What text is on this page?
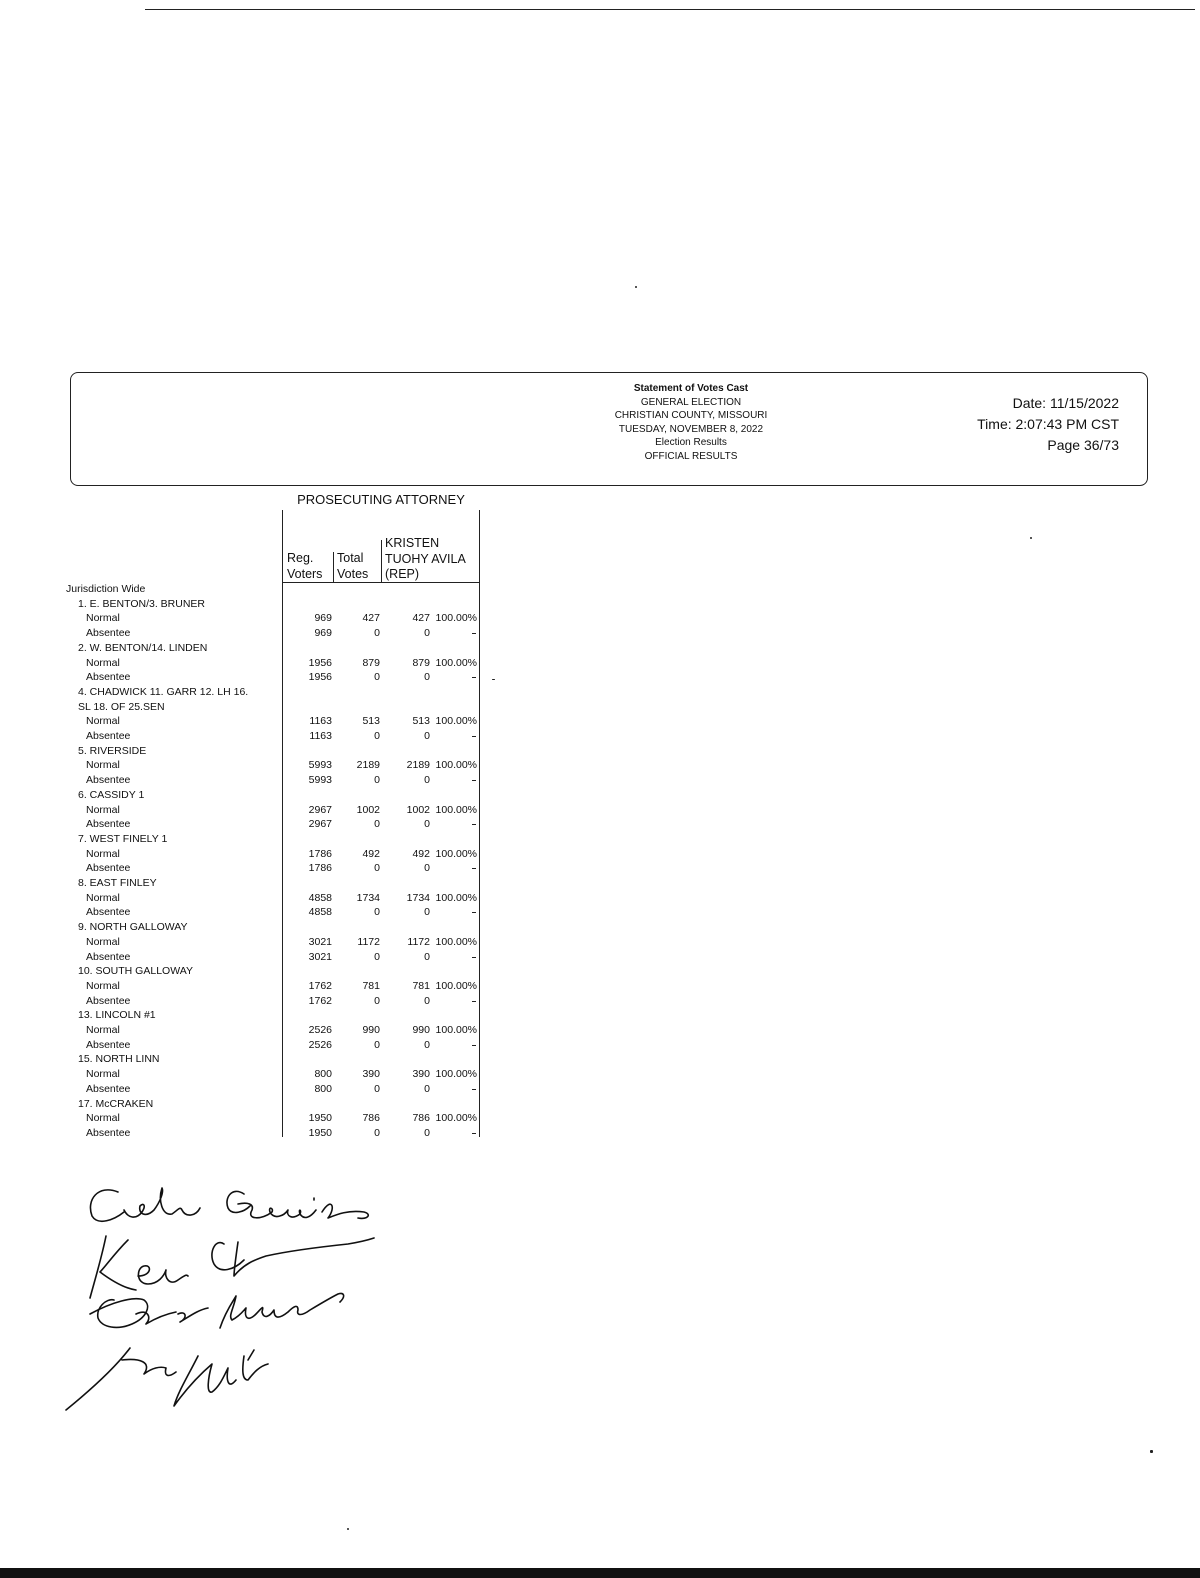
Statement of Votes Cast
GENERAL ELECTION
CHRISTIAN COUNTY, MISSOURI
TUESDAY, NOVEMBER 8, 2022
Election Results
OFFICIAL RESULTS
Date: 11/15/2022
Time: 2:07:43 PM CST
Page 36/73
PROSECUTING ATTORNEY
Reg.
Voters
Total
Votes
KRISTEN
TUOHY AVILA
(REP)
Jurisdiction Wide
1. E. BENTON/3. BRUNER
Normal	969	427	427 100.00%
Absentee	969	0	0
2. W. BENTON/14. LINDEN
Normal	1956	879	879 100.00%
Absentee	1956	0	0
4. CHADWICK 11. GARR 12. LH 16.
SL 18. OF 25.SEN
Normal	1163	513	513 100.00%
Absentee	1163	0	0
5. RIVERSIDE
Normal	5993	2189	2189 100.00%
Absentee	5993	0	0
6. CASSIDY 1
Normal	2967	1002	1002 100.00%
Absentee	2967	0	0
7. WEST FINELY 1
Normal	1786	492	492 100.00%
Absentee	1786	0	0
8. EAST FINLEY
Normal	4858	1734	1734 100.00%
Absentee	4858	0	0
9. NORTH GALLOWAY
Normal	3021	1172	1172 100.00%
Absentee	3021	0	0
10. SOUTH GALLOWAY
Normal	1762	781	781 100.00%
Absentee	1762	0	0
13. LINCOLN #1
Normal	2526	990	990 100.00%
Absentee	2526	0	0
15. NORTH LINN
Normal	800	390	390 100.00%
Absentee	800	0	0
17. McCRAKEN
Normal	1950	786	786 100.00%
Absentee	1950	0	0
